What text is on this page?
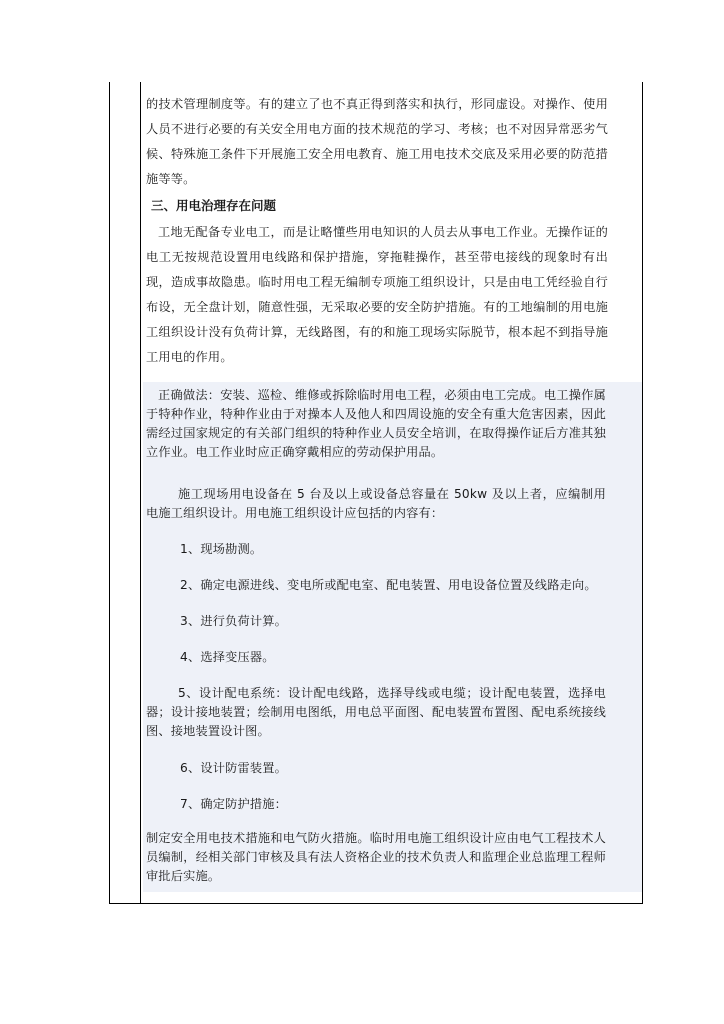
的技术管理制度等。有的建立了也不真正得到落实和执行，形同虚设。对操作、使用人员不进行必要的有关安全用电方面的技术规范的学习、考核；也不对因异常恶劣气候、特殊施工条件下开展施工安全用电教育、施工用电技术交底及采用必要的防范措施等等。

三、用电治理存在问题

工地无配备专业电工，而是让略懂些用电知识的人员去从事电工作业。无操作证的电工无按规范设置用电线路和保护措施，穿拖鞋操作，甚至带电接线的现象时有出现，造成事故隐患。临时用电工程无编制专项施工组织设计，只是由电工凭经验自行布设，无全盘计划，随意性强，无采取必要的安全防护措施。有的工地编制的用电施工组织设计没有负荷计算，无线路图，有的和施工现场实际脱节，根本起不到指导施工用电的作用。

正确做法：安装、巡检、维修或拆除临时用电工程，必须由电工完成。电工操作属于特种作业，特种作业由于对操本人及他人和四周设施的安全有重大危害因素，因此需经过国家规定的有关部门组织的特种作业人员安全培训，在取得操作证后方准其独立作业。电工作业时应正确穿戴相应的劳动保护用品。

施工现场用电设备在 5 台及以上或设备总容量在 50kw 及以上者，应编制用电施工组织设计。用电施工组织设计应包括的内容有：

1、现场勘测。

2、确定电源进线、变电所或配电室、配电装置、用电设备位置及线路走向。

3、进行负荷计算。

4、选择变压器。

5、设计配电系统：设计配电线路，选择导线或电缆；设计配电装置，选择电器；设计接地装置；绘制用电图纸，用电总平面图、配电装置布置图、配电系统接线图、接地装置设计图。

6、设计防雷装置。

7、确定防护措施：

制定安全用电技术措施和电气防火措施。临时用电施工组织设计应由电气工程技术人员编制，经相关部门审核及具有法人资格企业的技术负责人和监理企业总监理工程师审批后实施。
